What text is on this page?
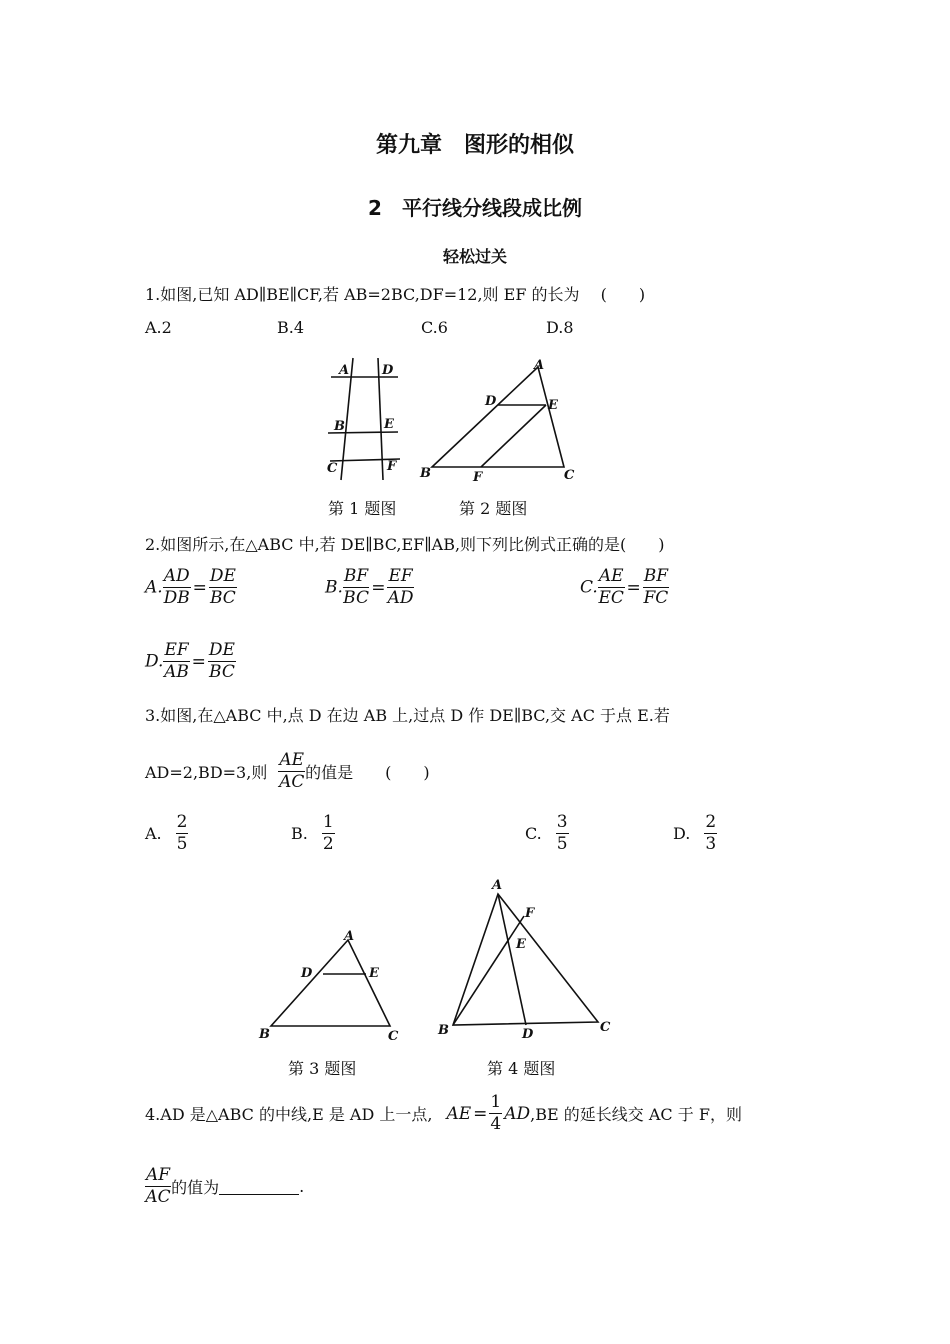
第九章　图形的相似
2　平行线分线段成比例
轻松过关
1.如图,已知 AD∥BE∥CF,若 AB=2BC,DF=12,则 EF 的长为　 (　　)
A.2	B.4	C.6	D.8
A	D
B	E
C	F
A
D	E
B	F	C
第 1 题图	第 2 题图
2.如图所示,在△ABC 中,若 DE∥BC,EF∥AB,则下列比例式正确的是(　　)
A. $\frac{AD}{DB} = \frac{DE}{BC}$	B. $\frac{BF}{BC} = \frac{EF}{AD}$	C. $\frac{AE}{EC} = \frac{BF}{FC}$
D. $\frac{EF}{AB} = \frac{DE}{BC}$
3.如图,在△ABC 中,点 D 在边 AB 上,过点 D 作 DE∥BC,交 AC 于点 E.若
AD=2,BD=3,则 $\frac{AE}{AC}$ 的值是　　(　　)
A. $\frac{2}{5}$	B. $\frac{1}{2}$	C. $\frac{3}{5}$	D. $\frac{2}{3}$
A
D	E
B	C
A
F
E
B	D	C
第 3 题图	第 4 题图
4.AD 是△ABC 的中线,E 是 AD 上一点, AE = $\frac{1}{4} AD,BE$ 的延长线交 AC 于 F，则
$\frac{AF}{AC}$ 的值为	.
